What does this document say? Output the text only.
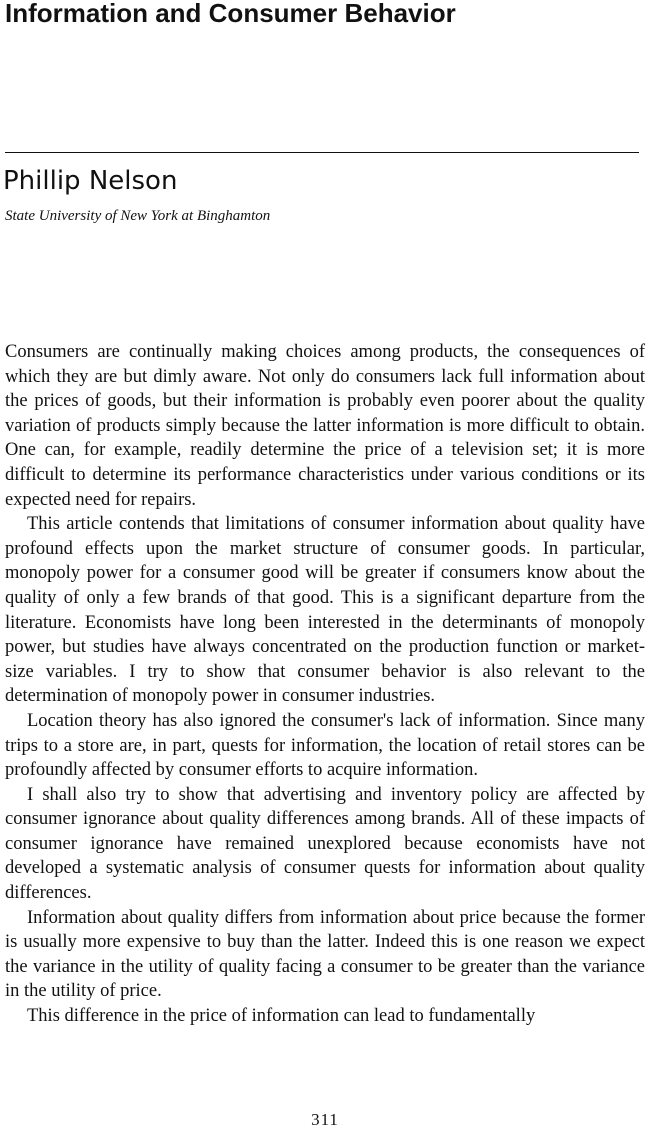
Information and Consumer Behavior
Phillip Nelson
State University of New York at Binghamton

Consumers are continually making choices among products, the consequences of which they are but dimly aware. Not only do consumers lack full information about the prices of goods, but their information is probably even poorer about the quality variation of products simply because the latter information is more difficult to obtain. One can, for example, readily determine the price of a television set; it is more difficult to determine its performance characteristics under various conditions or its expected need for repairs.

This article contends that limitations of consumer information about quality have profound effects upon the market structure of consumer goods. In particular, monopoly power for a consumer good will be greater if consumers know about the quality of only a few brands of that good. This is a significant departure from the literature. Economists have long been interested in the determinants of monopoly power, but studies have always concentrated on the production function or market-size variables. I try to show that consumer behavior is also relevant to the determination of monopoly power in consumer industries.

Location theory has also ignored the consumer's lack of information. Since many trips to a store are, in part, quests for information, the location of retail stores can be profoundly affected by consumer efforts to acquire information.

I shall also try to show that advertising and inventory policy are affected by consumer ignorance about quality differences among brands. All of these impacts of consumer ignorance have remained unexplored because economists have not developed a systematic analysis of consumer quests for information about quality differences.

Information about quality differs from information about price because the former is usually more expensive to buy than the latter. Indeed this is one reason we expect the variance in the utility of quality facing a consumer to be greater than the variance in the utility of price.

This difference in the price of information can lead to fundamentally

311
